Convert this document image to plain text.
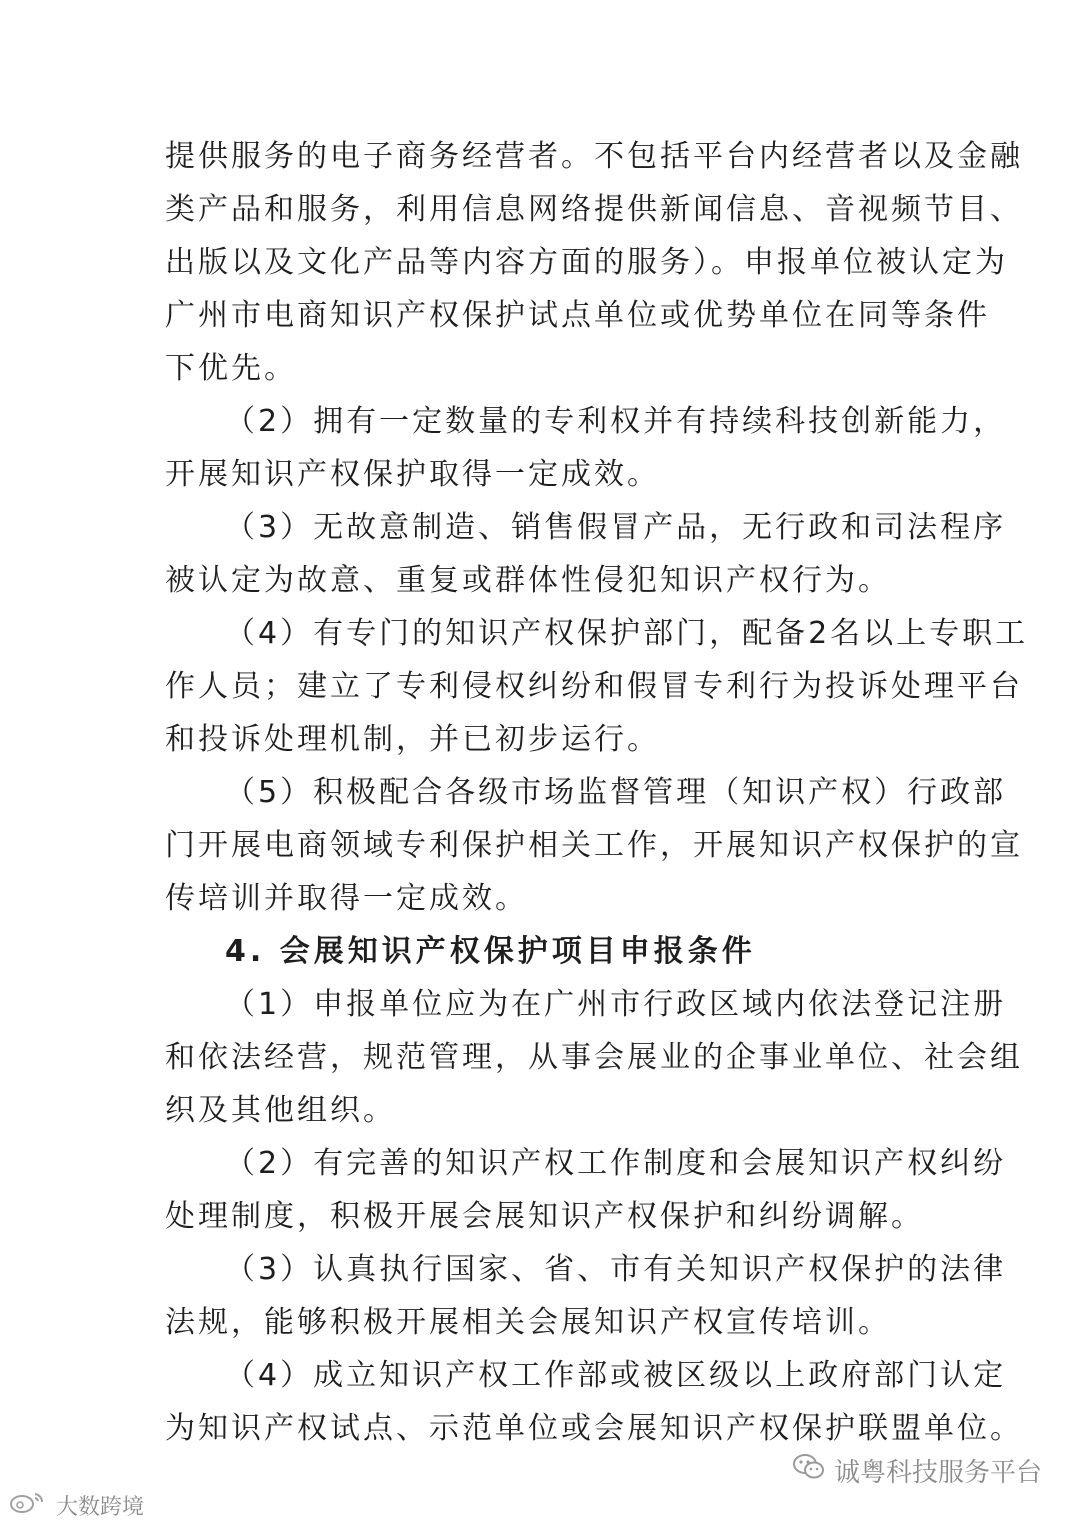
提供服务的电子商务经营者。不包括平台内经营者以及金融
类产品和服务，利用信息网络提供新闻信息、音视频节目、
出版以及文化产品等内容方面的服务）。申报单位被认定为
广州市电商知识产权保护试点单位或优势单位在同等条件
下优先。
（2）拥有一定数量的专利权并有持续科技创新能力，
开展知识产权保护取得一定成效。
（3）无故意制造、销售假冒产品，无行政和司法程序
被认定为故意、重复或群体性侵犯知识产权行为。
（4）有专门的知识产权保护部门，配备2名以上专职工
作人员；建立了专利侵权纠纷和假冒专利行为投诉处理平台
和投诉处理机制，并已初步运行。
（5）积极配合各级市场监督管理（知识产权）行政部
门开展电商领域专利保护相关工作，开展知识产权保护的宣
传培训并取得一定成效。
4. 会展知识产权保护项目申报条件
（1）申报单位应为在广州市行政区域内依法登记注册
和依法经营，规范管理，从事会展业的企事业单位、社会组
织及其他组织。
（2）有完善的知识产权工作制度和会展知识产权纠纷
处理制度，积极开展会展知识产权保护和纠纷调解。
（3）认真执行国家、省、市有关知识产权保护的法律
法规，能够积极开展相关会展知识产权宣传培训。
（4）成立知识产权工作部或被区级以上政府部门认定
为知识产权试点、示范单位或会展知识产权保护联盟单位。
诚粤科技服务平台
大数跨境
